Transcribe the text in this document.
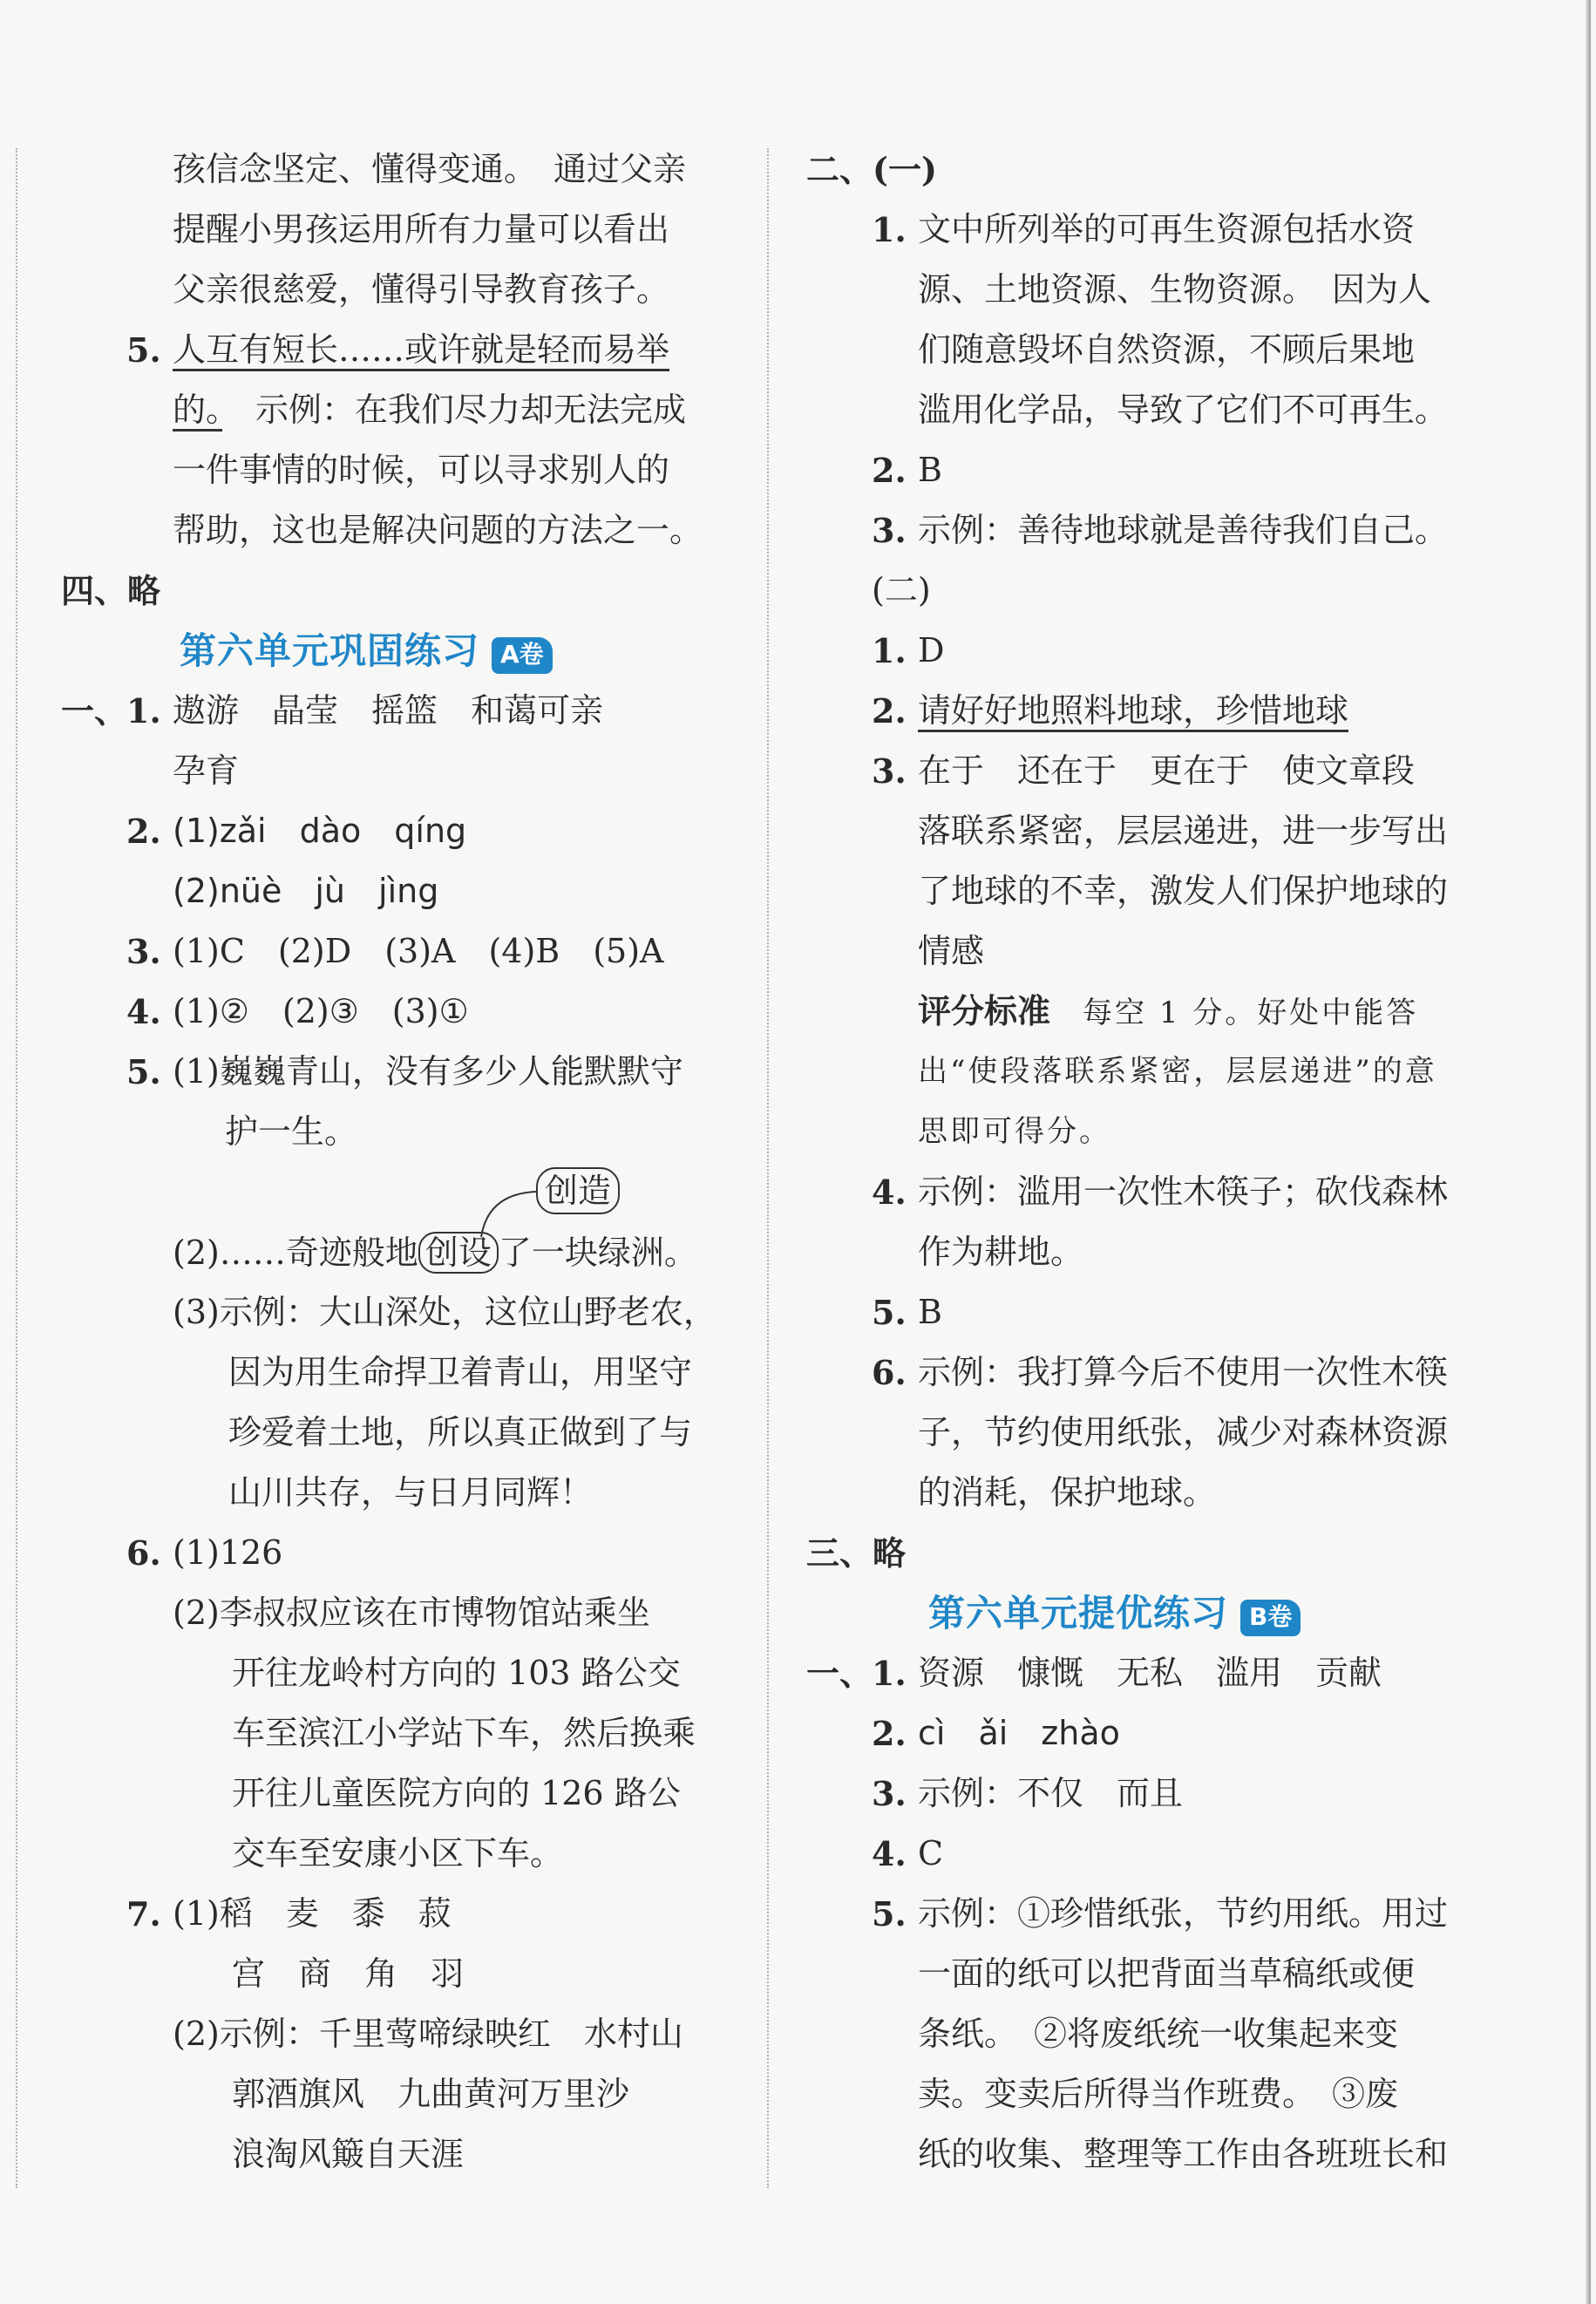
孩信念坚定、懂得变通。　通过父亲
提醒小男孩运用所有力量可以看出
父亲很慈爱，懂得引导教育孩子。
5. 人互有短长……或许就是轻而易举
的。　示例：在我们尽力却无法完成
一件事情的时候，可以寻求别人的
帮助，这也是解决问题的方法之一。
四、略
第六单元巩固练习 A卷
一、
1. 遨游　晶莹　摇篮　和蔼可亲
孕育
2. (1)zǎi　dào　qíng
(2)nüè　jù　jìng
3. (1)C　(2)D　(3)A　(4)B　(5)A
4. (1)②　(2)③　(3)①
5. (1)巍巍青山，没有多少人能默默守
护一生。
创造
(2)……奇迹般地 创设 了一块绿洲。
(3)示例：大山深处，这位山野老农，
因为用生命捍卫着青山，用坚守
珍爱着土地，所以真正做到了与
山川共存，与日月同辉！
6. (1)126
(2)李叔叔应该在市博物馆站乘坐
开往龙岭村方向的 103 路公交
车至滨江小学站下车，然后换乘
开往儿童医院方向的 126 路公
交车至安康小区下车。
7. (1)稻　麦　黍　菽
宫　商　角　羽
(2)示例：千里莺啼绿映红　水村山
郭酒旗风　九曲黄河万里沙
浪淘风簸自天涯
二、(一)
1. 文中所列举的可再生资源包括水资
源、土地资源、生物资源。　因为人
们随意毁坏自然资源，不顾后果地
滥用化学品，导致了它们不可再生。
2. B
3. 示例：善待地球就是善待我们自己。
(二)
1. D
2. 请好好地照料地球，珍惜地球
3. 在于　还在于　更在于　使文章段
落联系紧密，层层递进，进一步写出
了地球的不幸，激发人们保护地球的
情感
评分标准　每空 1 分。好处中能答
出“使段落联系紧密，层层递进”的意
思即可得分。
4. 示例：滥用一次性木筷子；砍伐森林
作为耕地。
5. B
6. 示例：我打算今后不使用一次性木筷
子，节约使用纸张，减少对森林资源
的消耗，保护地球。
三、略
第六单元提优练习 B卷
一、
1. 资源　慷慨　无私　滥用　贡献
2. cì　ǎi　zhào
3. 示例：不仅　而且
4. C
5. 示例：①珍惜纸张，节约用纸。用过
一面的纸可以把背面当草稿纸或便
条纸。　②将废纸统一收集起来变
卖。变卖后所得当作班费。　③废
纸的收集、整理等工作由各班班长和
